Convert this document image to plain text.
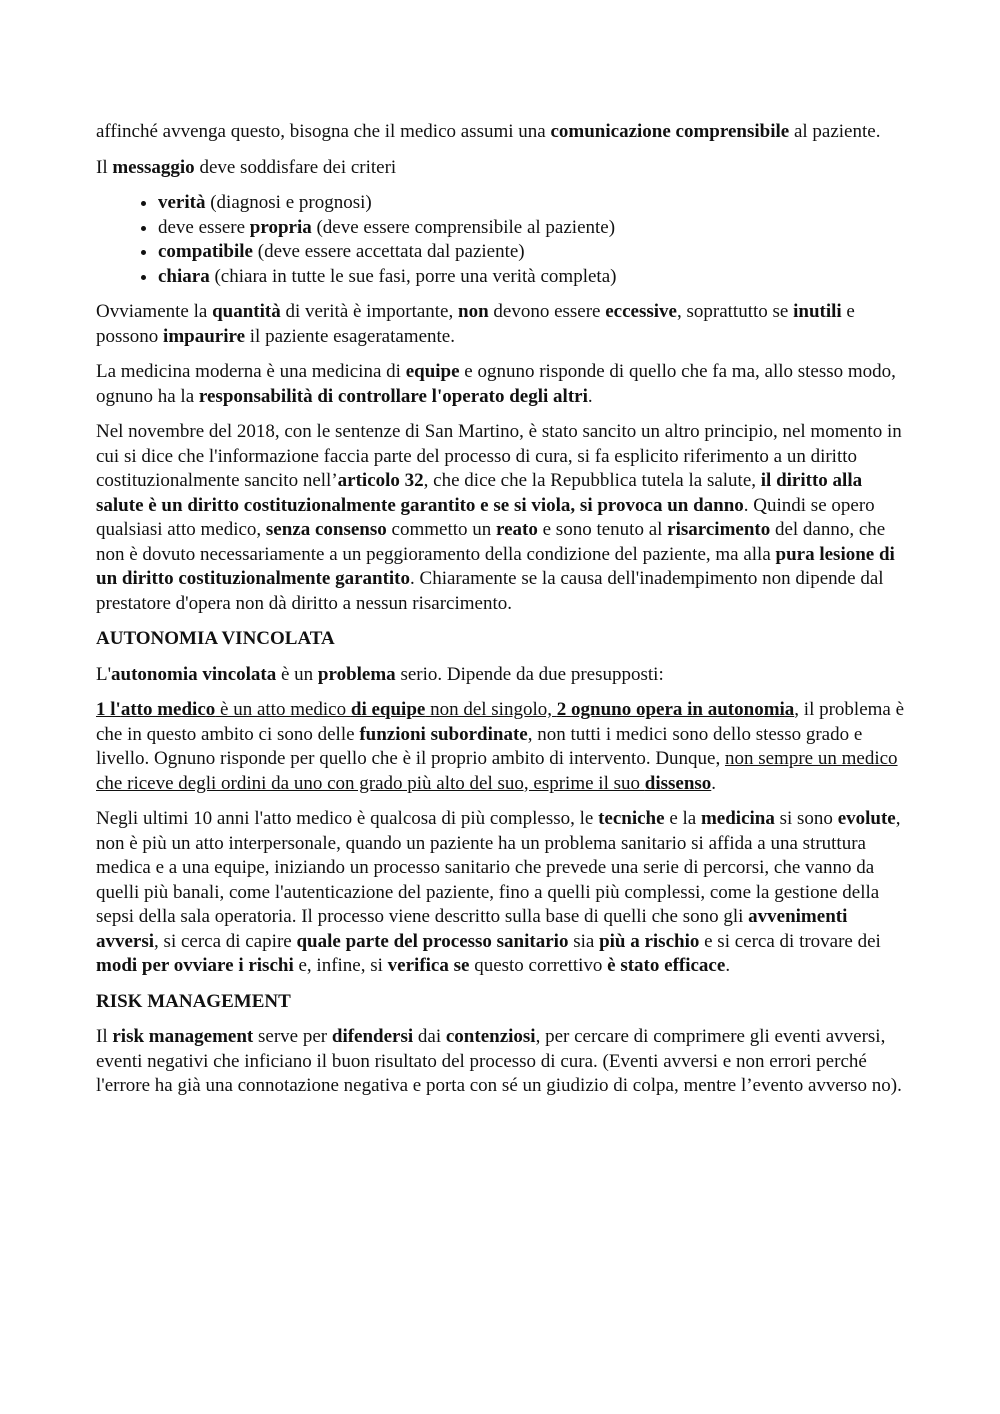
affinché avvenga questo, bisogna che il medico assumi una comunicazione comprensibile al paziente.

Il messaggio deve soddisfare dei criteri

• verità (diagnosi e prognosi)
• deve essere propria (deve essere comprensibile al paziente)
• compatibile (deve essere accettata dal paziente)
• chiara (chiara in tutte le sue fasi, porre una verità completa)

Ovviamente la quantità di verità è importante, non devono essere eccessive, soprattutto se inutili e possono impaurire il paziente esageratamente.

La medicina moderna è una medicina di equipe e ognuno risponde di quello che fa ma, allo stesso modo, ognuno ha la responsabilità di controllare l'operato degli altri.

Nel novembre del 2018, con le sentenze di San Martino, è stato sancito un altro principio, nel momento in cui si dice che l'informazione faccia parte del processo di cura, si fa esplicito riferimento a un diritto costituzionalmente sancito nell’articolo 32, che dice che la Repubblica tutela la salute, il diritto alla salute è un diritto costituzionalmente garantito e se si viola, si provoca un danno. Quindi se opero qualsiasi atto medico, senza consenso commetto un reato e sono tenuto al risarcimento del danno, che non è dovuto necessariamente a un peggioramento della condizione del paziente, ma alla pura lesione di un diritto costituzionalmente garantito. Chiaramente se la causa dell'inadempimento non dipende dal prestatore d'opera non dà diritto a nessun risarcimento.

AUTONOMIA VINCOLATA

L'autonomia vincolata è un problema serio. Dipende da due presupposti:

1 l'atto medico è un atto medico di equipe non del singolo, 2 ognuno opera in autonomia, il problema è che in questo ambito ci sono delle funzioni subordinate, non tutti i medici sono dello stesso grado e livello. Ognuno risponde per quello che è il proprio ambito di intervento. Dunque, non sempre un medico che riceve degli ordini da uno con grado più alto del suo, esprime il suo dissenso.

Negli ultimi 10 anni l'atto medico è qualcosa di più complesso, le tecniche e la medicina si sono evolute, non è più un atto interpersonale, quando un paziente ha un problema sanitario si affida a una struttura medica e a una equipe, iniziando un processo sanitario che prevede una serie di percorsi, che vanno da quelli più banali, come l'autenticazione del paziente, fino a quelli più complessi, come la gestione della sepsi della sala operatoria. Il processo viene descritto sulla base di quelli che sono gli avvenimenti avversi, si cerca di capire quale parte del processo sanitario sia più a rischio e si cerca di trovare dei modi per ovviare i rischi e, infine, si verifica se questo correttivo è stato efficace.

RISK MANAGEMENT

Il risk management serve per difendersi dai contenziosi, per cercare di comprimere gli eventi avversi, eventi negativi che inficiano il buon risultato del processo di cura. (Eventi avversi e non errori perché l'errore ha già una connotazione negativa e porta con sé un giudizio di colpa, mentre l’evento avverso no).
